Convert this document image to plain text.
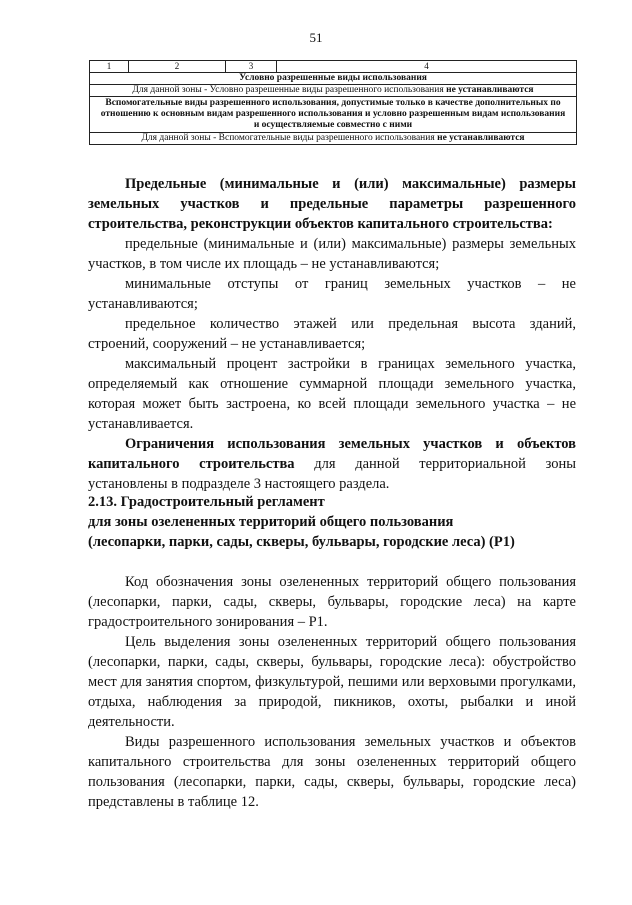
51
1	2	3	4
Условно разрешенные виды использования
Для данной зоны - Условно разрешенные виды разрешенного использования не устанавливаются
Вспомогательные виды разрешенного использования, допустимые только в качестве дополнительных по отношению к основным видам разрешенного использования и условно разрешенным видам использования и осуществляемые совместно с ними
Для данной зоны - Вспомогательные виды разрешенного использования не устанавливаются

Предельные (минимальные и (или) максимальные) размеры земельных участков и предельные параметры разрешенного строительства, реконструкции объектов капитального строительства:

предельные (минимальные и (или) максимальные) размеры земельных участков, в том числе их площадь – не устанавливаются;

минимальные отступы от границ земельных участков – не устанавливаются;

предельное количество этажей или предельная высота зданий, строений, сооружений – не устанавливается;

максимальный процент застройки в границах земельного участка, определяемый как отношение суммарной площади земельного участка, которая может быть застроена, ко всей площади земельного участка – не устанавливается.

Ограничения использования земельных участков и объектов капитального строительства для данной территориальной зоны установлены в подразделе 3 настоящего раздела.

2.13. Градостроительный регламент

для зоны озелененных территорий общего пользования

(лесопарки, парки, сады, скверы, бульвары, городские леса) (Р1)

Код обозначения зоны озелененных территорий общего пользования (лесопарки, парки, сады, скверы, бульвары, городские леса) на карте градостроительного зонирования – Р1.

Цель выделения зоны озелененных территорий общего пользования (лесопарки, парки, сады, скверы, бульвары, городские леса): обустройство мест для занятия спортом, физкультурой, пешими или верховыми прогулками, отдыха, наблюдения за природой, пикников, охоты, рыбалки и иной деятельности.

Виды разрешенного использования земельных участков и объектов капитального строительства для зоны озелененных территорий общего пользования (лесопарки, парки, сады, скверы, бульвары, городские леса) представлены в таблице 12.
